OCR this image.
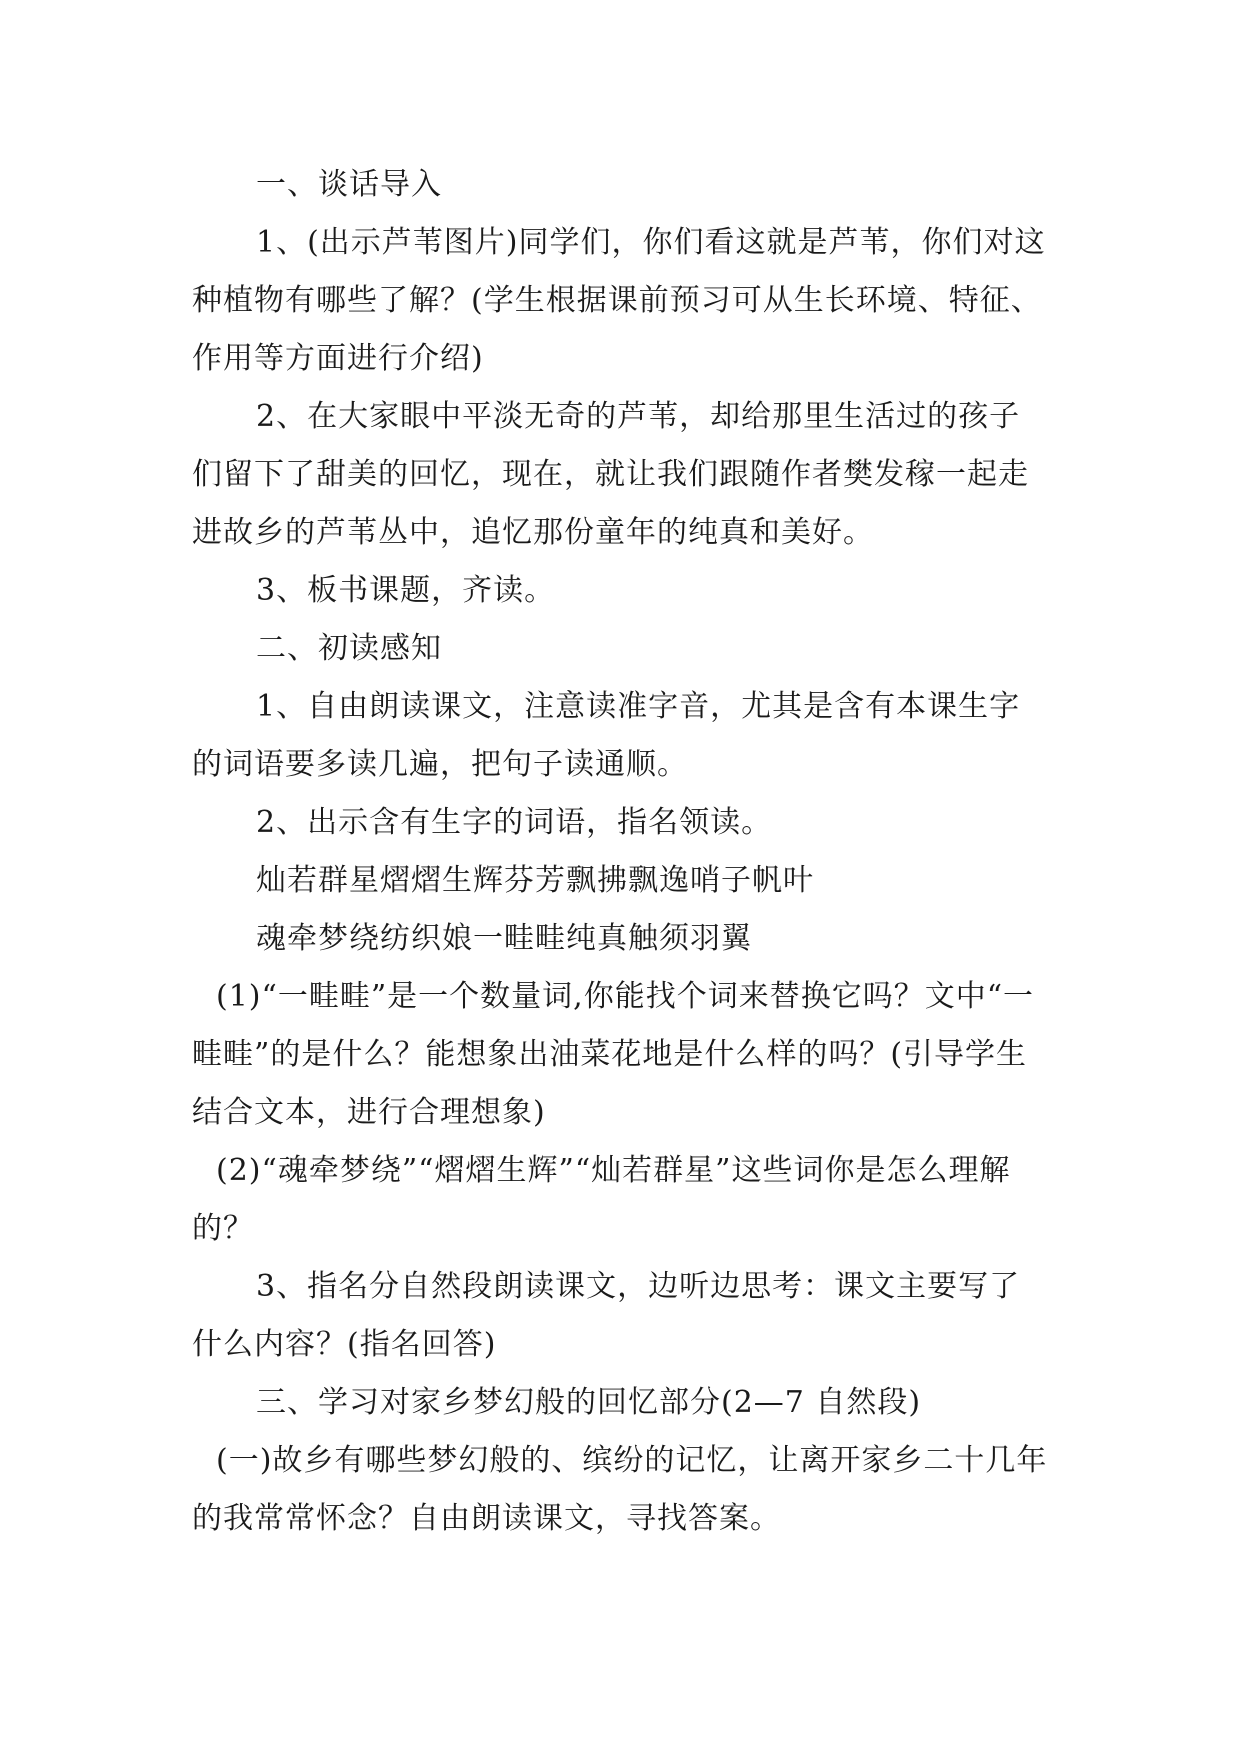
一、谈话导入

1、(出示芦苇图片)同学们，你们看这就是芦苇，你们对这种植物有哪些了解？(学生根据课前预习可从生长环境、特征、作用等方面进行介绍)

2、在大家眼中平淡无奇的芦苇，却给那里生活过的孩子们留下了甜美的回忆，现在，就让我们跟随作者樊发稼一起走进故乡的芦苇丛中，追忆那份童年的纯真和美好。

3、板书课题，齐读。

二、初读感知

1、自由朗读课文，注意读准字音，尤其是含有本课生字的词语要多读几遍，把句子读通顺。

2、出示含有生字的词语，指名领读。

灿若群星熠熠生辉芬芳飘拂飘逸哨子帆叶

魂牵梦绕纺织娘一畦畦纯真触须羽翼

(1)“一畦畦”是一个数量词,你能找个词来替换它吗？文中“一畦畦”的是什么？能想象出油菜花地是什么样的吗？(引导学生结合文本，进行合理想象)

(2)“魂牵梦绕”“熠熠生辉”“灿若群星”这些词你是怎么理解的？

3、指名分自然段朗读课文，边听边思考：课文主要写了什么内容？(指名回答)

三、学习对家乡梦幻般的回忆部分(2—7 自然段)

(一)故乡有哪些梦幻般的、缤纷的记忆，让离开家乡二十几年的我常常怀念？自由朗读课文，寻找答案。
